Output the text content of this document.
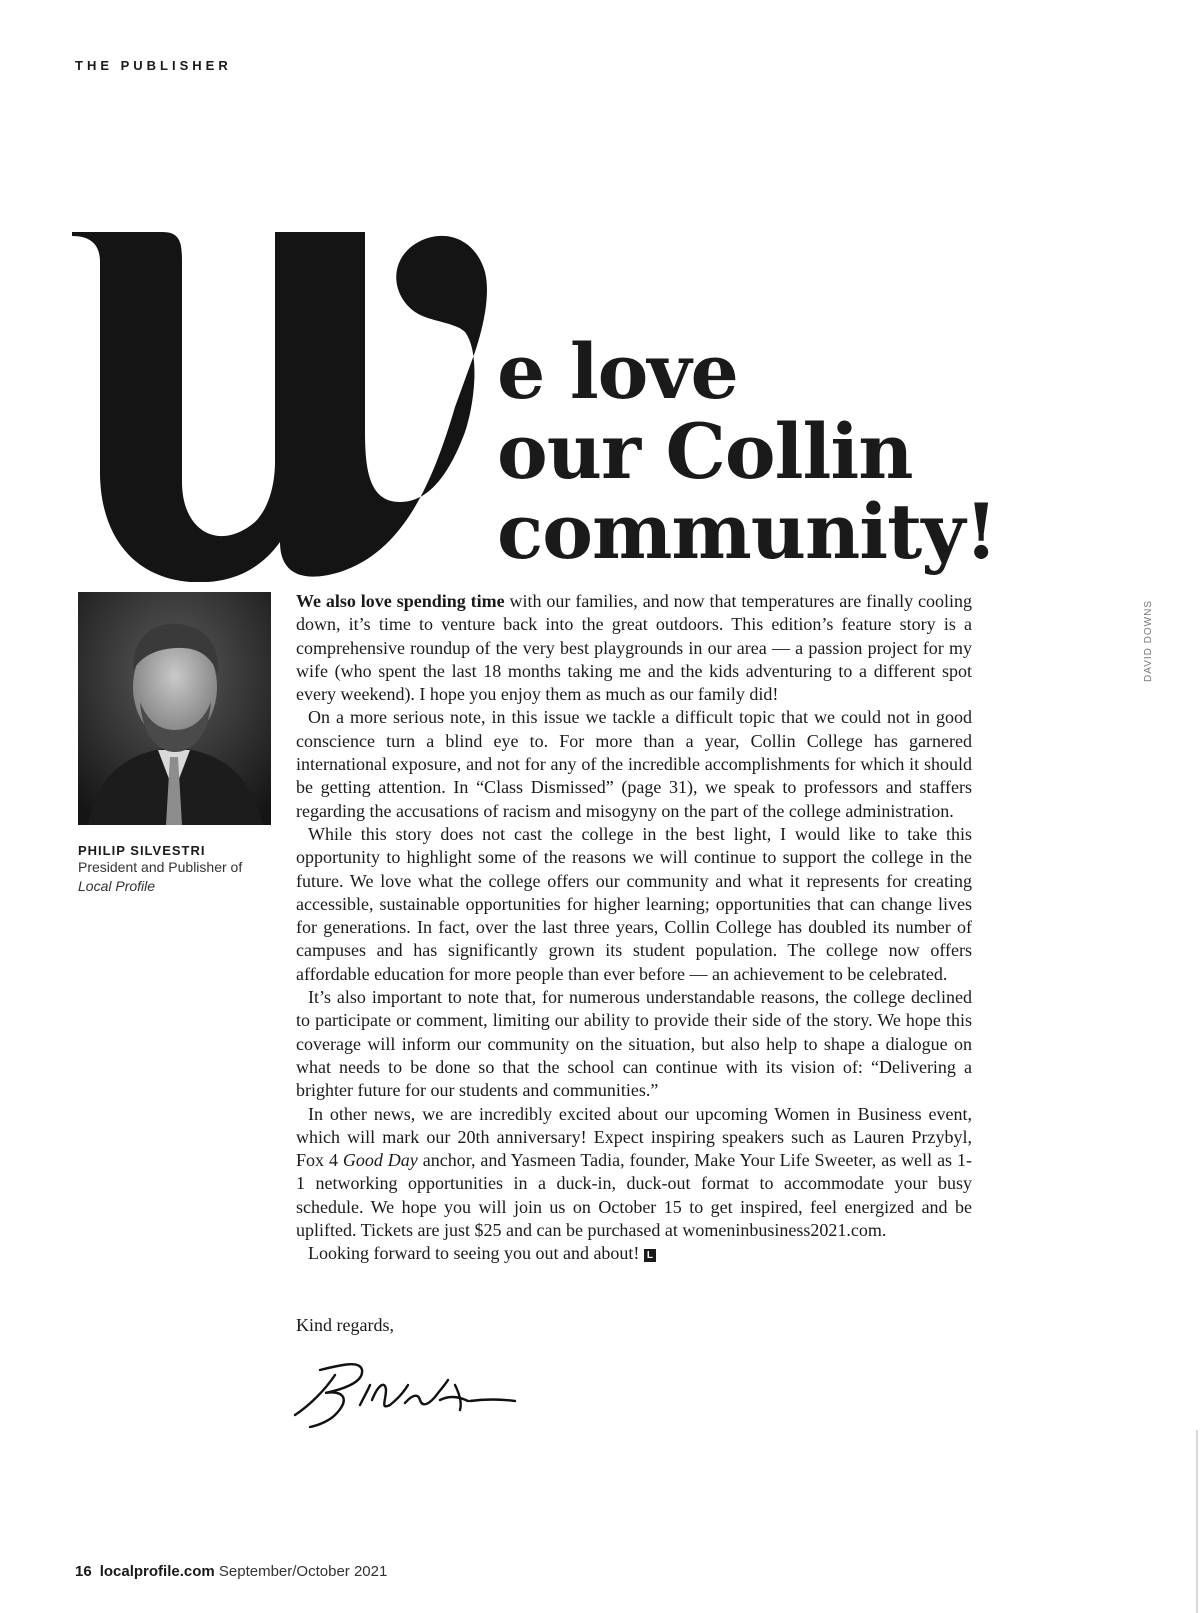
THE PUBLISHER
e love
our Collin
community!
PHILIP SILVESTRI
President and Publisher of
Local Profile
DAVID DOWNS

We also love spending time with our families, and now that temperatures are finally cooling down, it’s time to venture back into the great outdoors. This edition’s feature story is a comprehensive roundup of the very best playgrounds in our area — a passion project for my wife (who spent the last 18 months taking me and the kids adventuring to a different spot every weekend). I hope you enjoy them as much as our family did!

On a more serious note, in this issue we tackle a difficult topic that we could not in good conscience turn a blind eye to. For more than a year, Collin College has garnered international exposure, and not for any of the incredible accomplishments for which it should be getting attention. In “Class Dismissed” (page 31), we speak to professors and staffers regarding the accusations of racism and misogyny on the part of the college administration.

While this story does not cast the college in the best light, I would like to take this opportunity to highlight some of the reasons we will continue to support the college in the future. We love what the college offers our community and what it represents for creating accessible, sustainable opportunities for higher learning; opportunities that can change lives for generations. In fact, over the last three years, Collin College has doubled its number of campuses and has significantly grown its student population. The college now offers affordable education for more people than ever before — an achievement to be celebrated.

It’s also important to note that, for numerous understandable reasons, the college declined to participate or comment, limiting our ability to provide their side of the story. We hope this coverage will inform our community on the situation, but also help to shape a dialogue on what needs to be done so that the school can continue with its vision of: “Delivering a brighter future for our students and communities.”

In other news, we are incredibly excited about our upcoming Women in Business event, which will mark our 20th anniversary! Expect inspiring speakers such as Lauren Przybyl, Fox 4 Good Day anchor, and Yasmeen Tadia, founder, Make Your Life Sweeter, as well as 1-1 networking opportunities in a duck-in, duck-out format to accommodate your busy schedule. We hope you will join us on October 15 to get inspired, feel energized and be uplifted. Tickets are just $25 and can be purchased at womeninbusiness2021.com.

Looking forward to seeing you out and about! L

Kind regards,
16 localprofile.com September/October 2021
